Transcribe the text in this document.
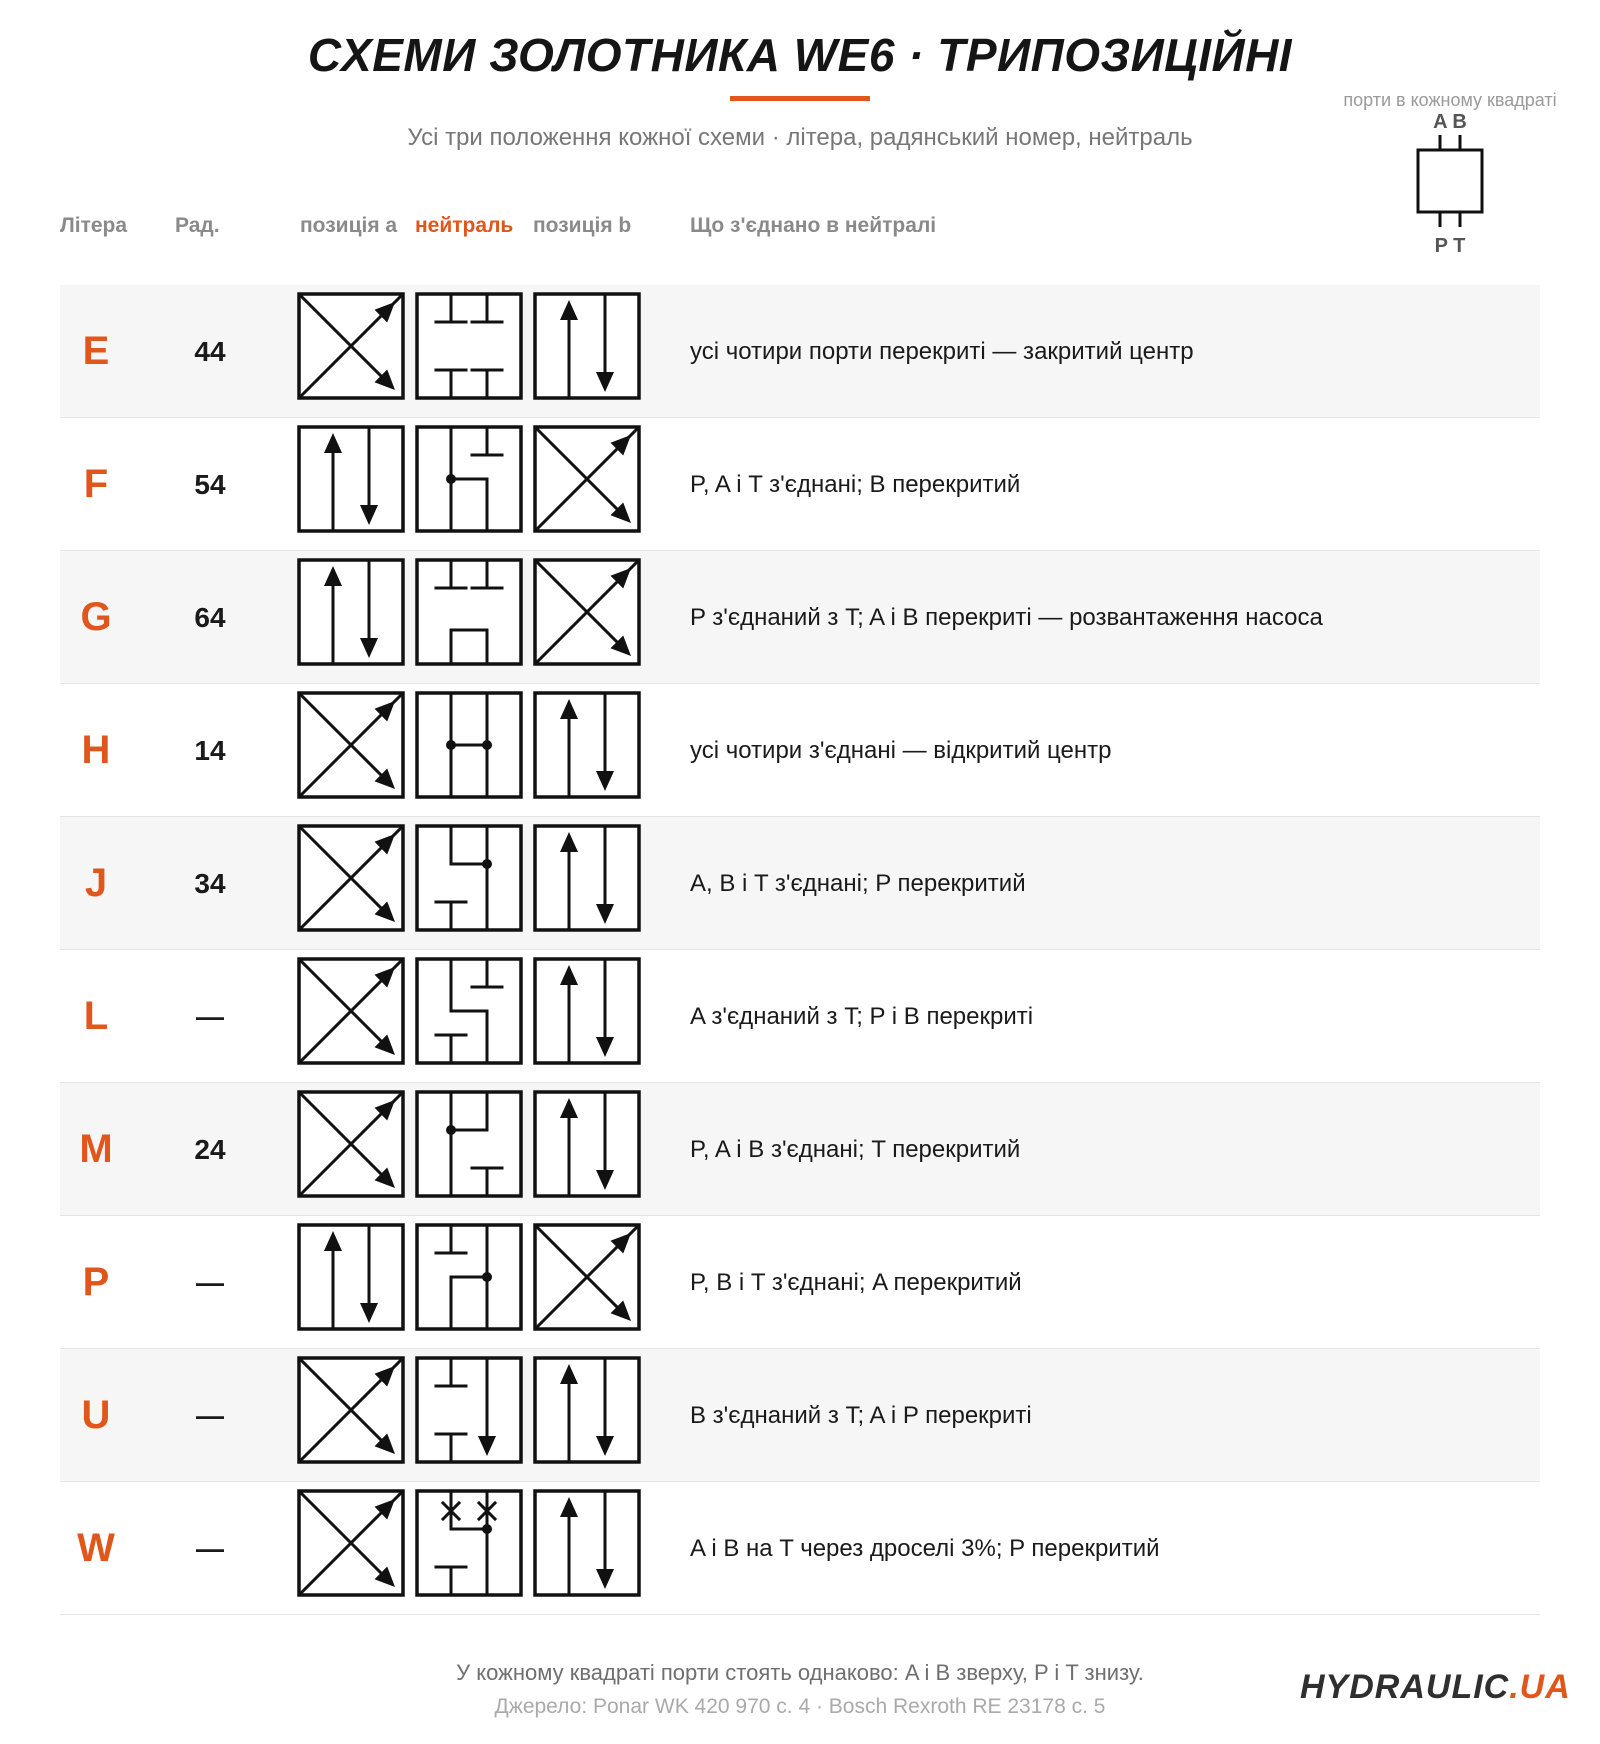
СХЕМИ ЗОЛОТНИКА WE6 · ТРИПОЗИЦІЙНІ
Усі три положення кожної схеми · літера, радянський номер, нейтраль
порти в кожному квадраті
A B
P T
Літера Рад.	позиція a нейтраль позиція b	Що з'єднано в нейтралі
E	44	усі чотири порти перекриті — закритий центр
F	54	P, A і T з'єднані; B перекритий
G	64	P з'єднаний з T; A і B перекриті — розвантаження насоса
H	14	усі чотири з'єднані — відкритий центр
J	34	A, B і T з'єднані; P перекритий
L	—	A з'єднаний з T; P і B перекриті
M	24	P, A і B з'єднані; T перекритий
P	—	P, B і T з'єднані; A перекритий
U	—	B з'єднаний з T; A і P перекриті
W	—	A і B на T через дроселі 3%; P перекритий
У кожному квадраті порти стоять однаково: A і B зверху, P і T знизу.
Джерело: Ponar WK 420 970 с. 4 · Bosch Rexroth RE 23178 с. 5
HYDRAULIC.UA
